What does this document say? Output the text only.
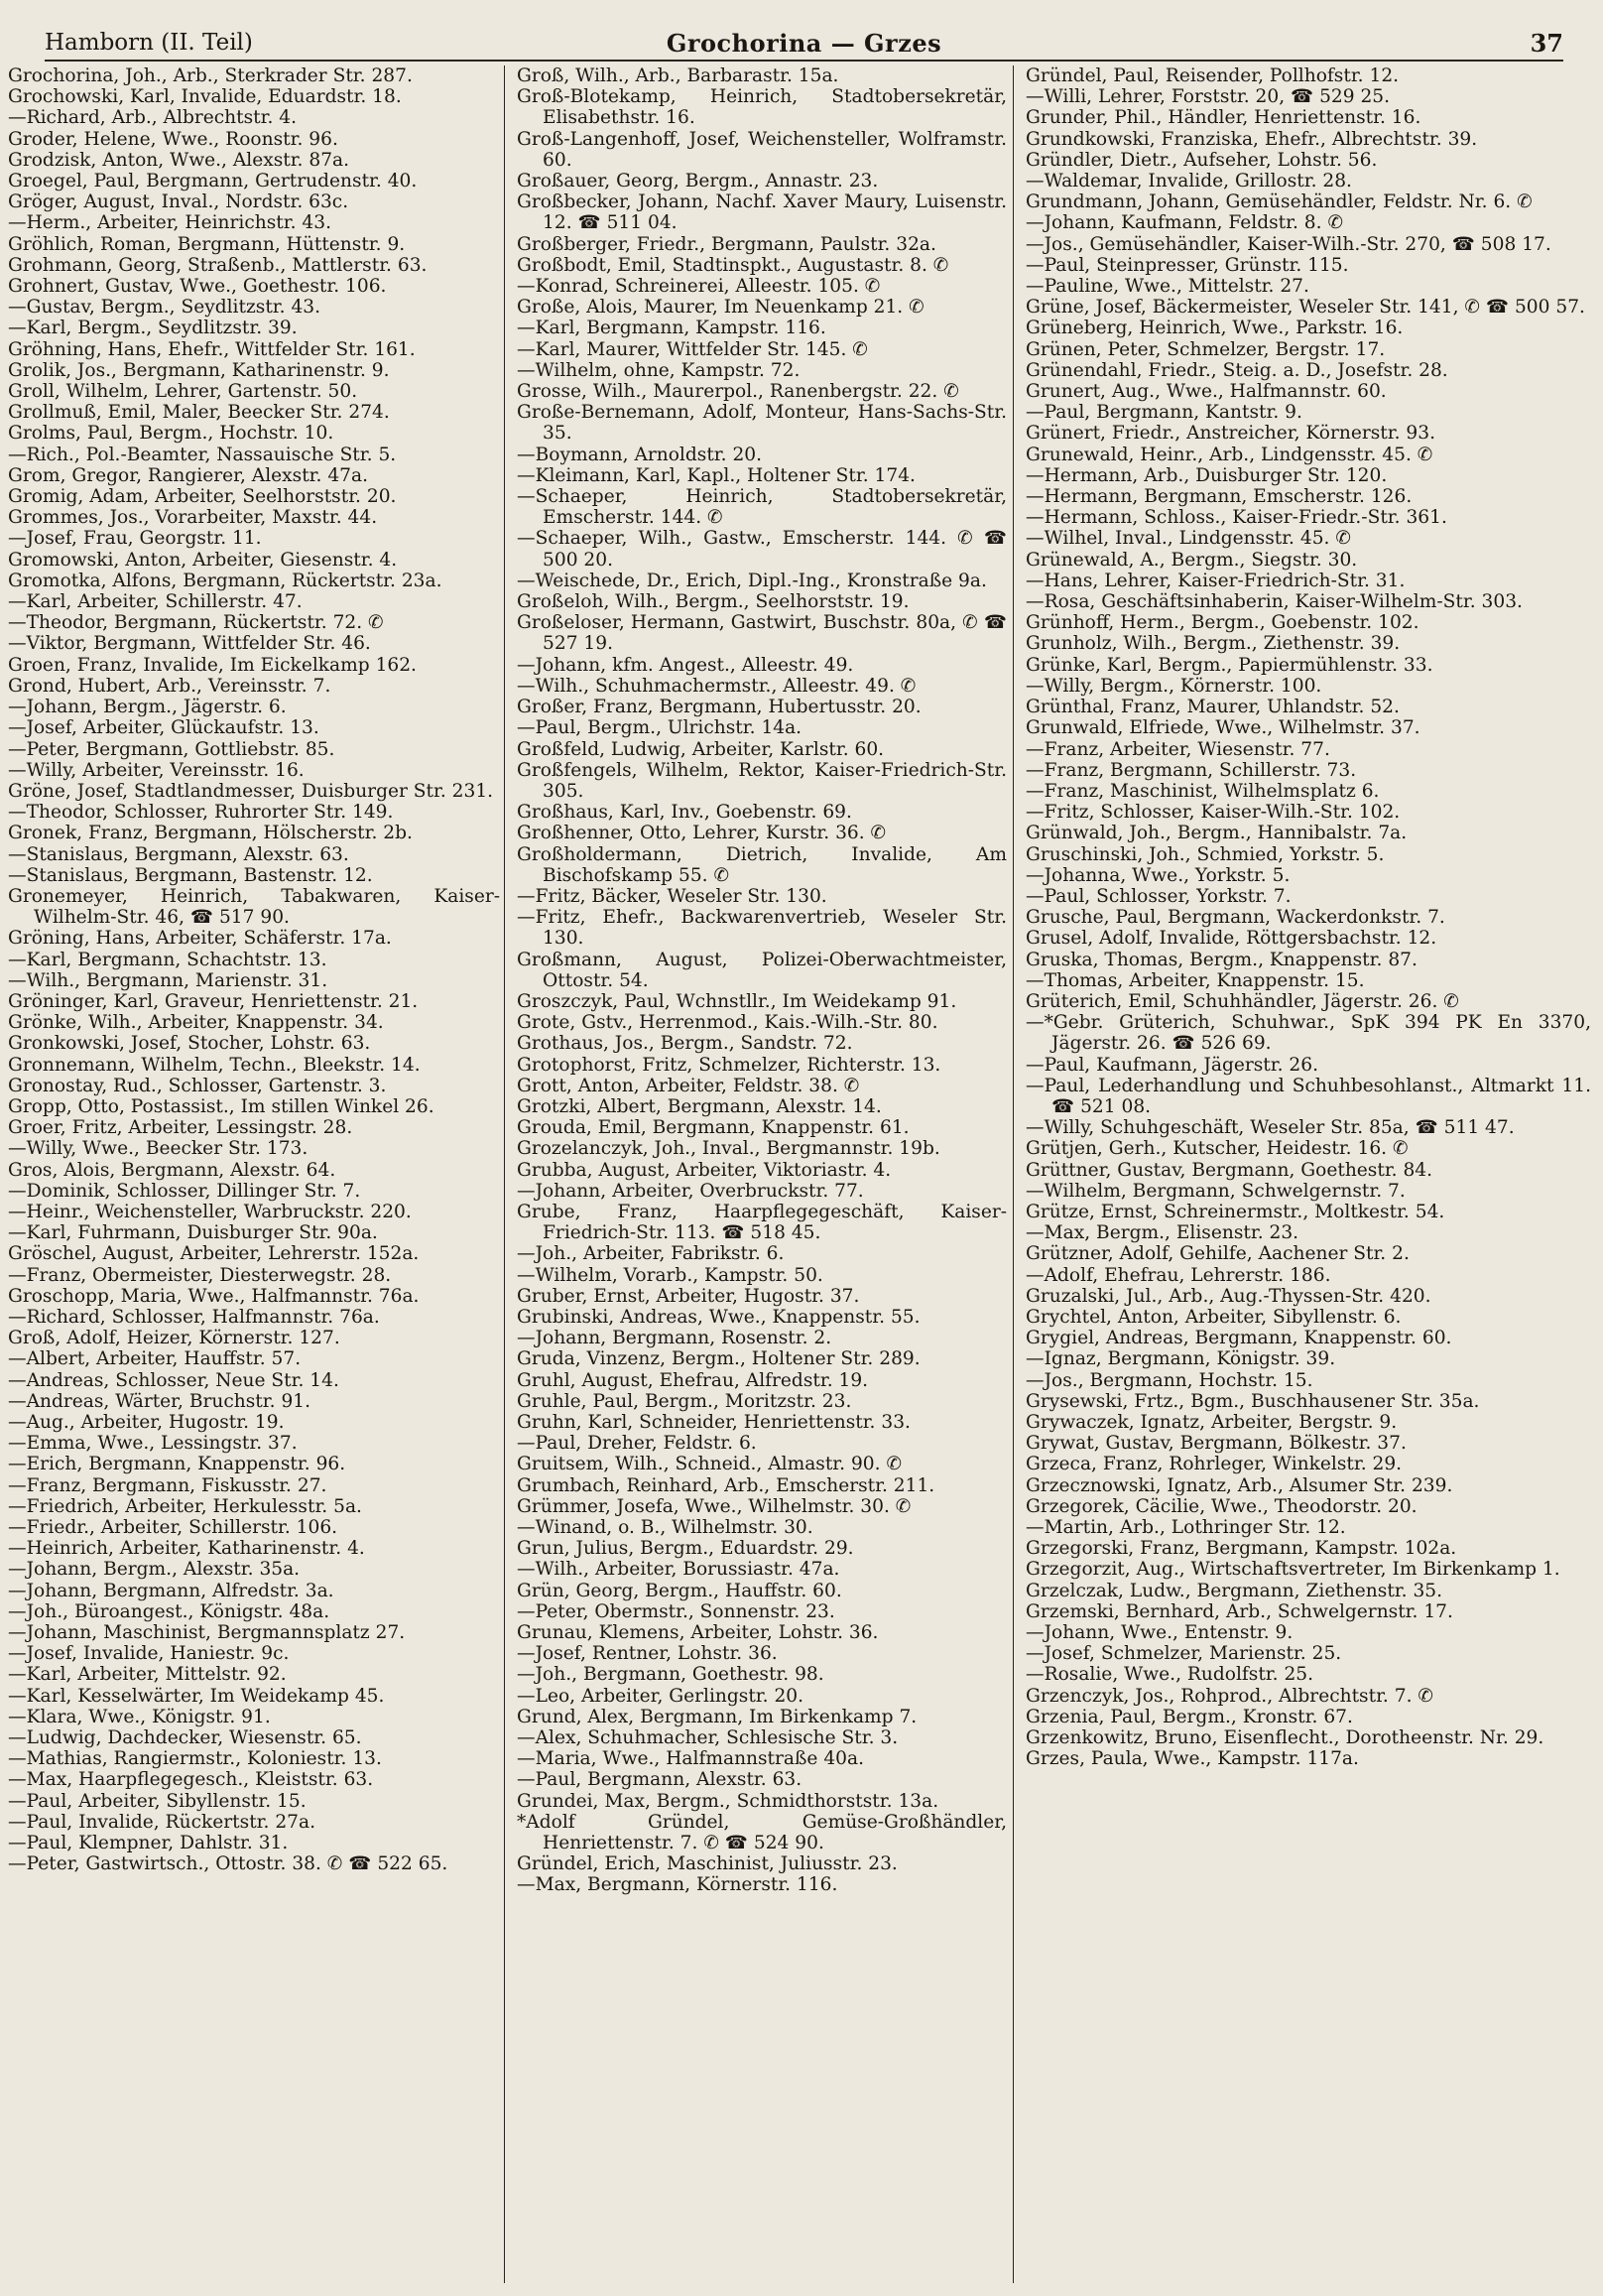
Hamborn (II. Teil)	Grochorina — Grzes	37

Grochorina, Joh., Arb., Sterkrader Str. 287.

Grochowski, Karl, Invalide, Eduardstr. 18.

—Richard, Arb., Albrechtstr. 4.

Groder, Helene, Wwe., Roonstr. 96.

Grodzisk, Anton, Wwe., Alexstr. 87a.

Groegel, Paul, Bergmann, Gertrudenstr. 40.

Gröger, August, Inval., Nordstr. 63c.

—Herm., Arbeiter, Heinrichstr. 43.

Gröhlich, Roman, Bergmann, Hüttenstr. 9.

Grohmann, Georg, Straßenb., Mattlerstr. 63.

Grohnert, Gustav, Wwe., Goethestr. 106.

—Gustav, Bergm., Seydlitzstr. 43.

—Karl, Bergm., Seydlitzstr. 39.

Gröhning, Hans, Ehefr., Wittfelder Str. 161.

Grolik, Jos., Bergmann, Katharinenstr. 9.

Groll, Wilhelm, Lehrer, Gartenstr. 50.

Grollmuß, Emil, Maler, Beecker Str. 274.

Grolms, Paul, Bergm., Hochstr. 10.

—Rich., Pol.-Beamter, Nassauische Str. 5.

Grom, Gregor, Rangierer, Alexstr. 47a.

Gromig, Adam, Arbeiter, Seelhorststr. 20.

Grommes, Jos., Vorarbeiter, Maxstr. 44.

—Josef, Frau, Georgstr. 11.

Gromowski, Anton, Arbeiter, Giesenstr. 4.

Gromotka, Alfons, Bergmann, Rückertstr. 23a.

—Karl, Arbeiter, Schillerstr. 47.

—Theodor, Bergmann, Rückertstr. 72. ✆

—Viktor, Bergmann, Wittfelder Str. 46.

Groen, Franz, Invalide, Im Eickelkamp 162.

Grond, Hubert, Arb., Vereinsstr. 7.

—Johann, Bergm., Jägerstr. 6.

—Josef, Arbeiter, Glückaufstr. 13.

—Peter, Bergmann, Gottliebstr. 85.

—Willy, Arbeiter, Vereinsstr. 16.

Gröne, Josef, Stadtlandmesser, Duisburger Str. 231.

—Theodor, Schlosser, Ruhrorter Str. 149.

Gronek, Franz, Bergmann, Hölscherstr. 2b.

—Stanislaus, Bergmann, Alexstr. 63.

—Stanislaus, Bergmann, Bastenstr. 12.

Gronemeyer, Heinrich, Tabakwaren, Kaiser-Wilhelm-Str. 46, ☎ 517 90.

Gröning, Hans, Arbeiter, Schäferstr. 17a.

—Karl, Bergmann, Schachtstr. 13.

—Wilh., Bergmann, Marienstr. 31.

Gröninger, Karl, Graveur, Henriettenstr. 21.

Grönke, Wilh., Arbeiter, Knappenstr. 34.

Gronkowski, Josef, Stocher, Lohstr. 63.

Gronnemann, Wilhelm, Techn., Bleekstr. 14.

Gronostay, Rud., Schlosser, Gartenstr. 3.

Gropp, Otto, Postassist., Im stillen Winkel 26.

Groer, Fritz, Arbeiter, Lessingstr. 28.

—Willy, Wwe., Beecker Str. 173.

Gros, Alois, Bergmann, Alexstr. 64.

—Dominik, Schlosser, Dillinger Str. 7.

—Heinr., Weichensteller, Warbruckstr. 220.

—Karl, Fuhrmann, Duisburger Str. 90a.

Gröschel, August, Arbeiter, Lehrerstr. 152a.

—Franz, Obermeister, Diesterwegstr. 28.

Groschopp, Maria, Wwe., Halfmannstr. 76a.

—Richard, Schlosser, Halfmannstr. 76a.

Groß, Adolf, Heizer, Körnerstr. 127.

—Albert, Arbeiter, Hauffstr. 57.

—Andreas, Schlosser, Neue Str. 14.

—Andreas, Wärter, Bruchstr. 91.

—Aug., Arbeiter, Hugostr. 19.

—Emma, Wwe., Lessingstr. 37.

—Erich, Bergmann, Knappenstr. 96.

—Franz, Bergmann, Fiskusstr. 27.

—Friedrich, Arbeiter, Herkulesstr. 5a.

—Friedr., Arbeiter, Schillerstr. 106.

—Heinrich, Arbeiter, Katharinenstr. 4.

—Johann, Bergm., Alexstr. 35a.

—Johann, Bergmann, Alfredstr. 3a.

—Joh., Büroangest., Königstr. 48a.

—Johann, Maschinist, Bergmannsplatz 27.

—Josef, Invalide, Haniestr. 9c.

—Karl, Arbeiter, Mittelstr. 92.

—Karl, Kesselwärter, Im Weidekamp 45.

—Klara, Wwe., Königstr. 91.

—Ludwig, Dachdecker, Wiesenstr. 65.

—Mathias, Rangiermstr., Koloniestr. 13.

—Max, Haarpflegegesch., Kleiststr. 63.

—Paul, Arbeiter, Sibyllenstr. 15.

—Paul, Invalide, Rückertstr. 27a.

—Paul, Klempner, Dahlstr. 31.

—Peter, Gastwirtsch., Ottostr. 38. ✆ ☎ 522 65.

Groß, Wilh., Arb., Barbarastr. 15a.

Groß-Blotekamp, Heinrich, Stadtobersekretär, Elisabethstr. 16.

Groß-Langenhoff, Josef, Weichensteller, Wolframstr. 60.

Großauer, Georg, Bergm., Annastr. 23.

Großbecker, Johann, Nachf. Xaver Maury, Luisenstr. 12. ☎ 511 04.

Großberger, Friedr., Bergmann, Paulstr. 32a.

Großbodt, Emil, Stadtinspkt., Augustastr. 8. ✆

—Konrad, Schreinerei, Alleestr. 105. ✆

Große, Alois, Maurer, Im Neuenkamp 21. ✆

—Karl, Bergmann, Kampstr. 116.

—Karl, Maurer, Wittfelder Str. 145. ✆

—Wilhelm, ohne, Kampstr. 72.

Grosse, Wilh., Maurerpol., Ranenbergstr. 22. ✆

Große-Bernemann, Adolf, Monteur, Hans-Sachs-Str. 35.

—Boymann, Arnoldstr. 20.

—Kleimann, Karl, Kapl., Holtener Str. 174.

—Schaeper, Heinrich, Stadtobersekretär, Emscherstr. 144. ✆

—Schaeper, Wilh., Gastw., Emscherstr. 144. ✆ ☎ 500 20.

—Weischede, Dr., Erich, Dipl.-Ing., Kronstraße 9a.

Großeloh, Wilh., Bergm., Seelhorststr. 19.

Großeloser, Hermann, Gastwirt, Buschstr. 80a, ✆ ☎ 527 19.

—Johann, kfm. Angest., Alleestr. 49.

—Wilh., Schuhmachermstr., Alleestr. 49. ✆

Großer, Franz, Bergmann, Hubertusstr. 20.

—Paul, Bergm., Ulrichstr. 14a.

Großfeld, Ludwig, Arbeiter, Karlstr. 60.

Großfengels, Wilhelm, Rektor, Kaiser-Friedrich-Str. 305.

Großhaus, Karl, Inv., Goebenstr. 69.

Großhenner, Otto, Lehrer, Kurstr. 36. ✆

Großholdermann, Dietrich, Invalide, Am Bischofskamp 55. ✆

—Fritz, Bäcker, Weseler Str. 130.

—Fritz, Ehefr., Backwarenvertrieb, Weseler Str. 130.

Großmann, August, Polizei-Oberwachtmeister, Ottostr. 54.

Groszczyk, Paul, Wchnstllr., Im Weidekamp 91.

Grote, Gstv., Herrenmod., Kais.-Wilh.-Str. 80.

Grothaus, Jos., Bergm., Sandstr. 72.

Grotophorst, Fritz, Schmelzer, Richterstr. 13.

Grott, Anton, Arbeiter, Feldstr. 38. ✆

Grotzki, Albert, Bergmann, Alexstr. 14.

Grouda, Emil, Bergmann, Knappenstr. 61.

Grozelanczyk, Joh., Inval., Bergmannstr. 19b.

Grubba, August, Arbeiter, Viktoriastr. 4.

—Johann, Arbeiter, Overbruckstr. 77.

Grube, Franz, Haarpflegegeschäft, Kaiser-Friedrich-Str. 113. ☎ 518 45.

—Joh., Arbeiter, Fabrikstr. 6.

—Wilhelm, Vorarb., Kampstr. 50.

Gruber, Ernst, Arbeiter, Hugostr. 37.

Grubinski, Andreas, Wwe., Knappenstr. 55.

—Johann, Bergmann, Rosenstr. 2.

Gruda, Vinzenz, Bergm., Holtener Str. 289.

Gruhl, August, Ehefrau, Alfredstr. 19.

Gruhle, Paul, Bergm., Moritzstr. 23.

Gruhn, Karl, Schneider, Henriettenstr. 33.

—Paul, Dreher, Feldstr. 6.

Gruitsem, Wilh., Schneid., Almastr. 90. ✆

Grumbach, Reinhard, Arb., Emscherstr. 211.

Grümmer, Josefa, Wwe., Wilhelmstr. 30. ✆

—Winand, o. B., Wilhelmstr. 30.

Grun, Julius, Bergm., Eduardstr. 29.

—Wilh., Arbeiter, Borussiastr. 47a.

Grün, Georg, Bergm., Hauffstr. 60.

—Peter, Obermstr., Sonnenstr. 23.

Grunau, Klemens, Arbeiter, Lohstr. 36.

—Josef, Rentner, Lohstr. 36.

—Joh., Bergmann, Goethestr. 98.

—Leo, Arbeiter, Gerlingstr. 20.

Grund, Alex, Bergmann, Im Birkenkamp 7.

—Alex, Schuhmacher, Schlesische Str. 3.

—Maria, Wwe., Halfmannstraße 40a.

—Paul, Bergmann, Alexstr. 63.

Grundei, Max, Bergm., Schmidthorststr. 13a.

*Adolf Gründel, Gemüse-Großhändler, Henriettenstr. 7. ✆ ☎ 524 90.

Gründel, Erich, Maschinist, Juliusstr. 23.

—Max, Bergmann, Körnerstr. 116.

Gründel, Paul, Reisender, Pollhofstr. 12.

—Willi, Lehrer, Forststr. 20, ☎ 529 25.

Grunder, Phil., Händler, Henriettenstr. 16.

Grundkowski, Franziska, Ehefr., Albrechtstr. 39.

Gründler, Dietr., Aufseher, Lohstr. 56.

—Waldemar, Invalide, Grillostr. 28.

Grundmann, Johann, Gemüsehändler, Feldstr. Nr. 6. ✆

—Johann, Kaufmann, Feldstr. 8. ✆

—Jos., Gemüsehändler, Kaiser-Wilh.-Str. 270, ☎ 508 17.

—Paul, Steinpresser, Grünstr. 115.

—Pauline, Wwe., Mittelstr. 27.

Grüne, Josef, Bäckermeister, Weseler Str. 141, ✆ ☎ 500 57.

Grüneberg, Heinrich, Wwe., Parkstr. 16.

Grünen, Peter, Schmelzer, Bergstr. 17.

Grünendahl, Friedr., Steig. a. D., Josefstr. 28.

Grunert, Aug., Wwe., Halfmannstr. 60.

—Paul, Bergmann, Kantstr. 9.

Grünert, Friedr., Anstreicher, Körnerstr. 93.

Grunewald, Heinr., Arb., Lindgensstr. 45. ✆

—Hermann, Arb., Duisburger Str. 120.

—Hermann, Bergmann, Emscherstr. 126.

—Hermann, Schloss., Kaiser-Friedr.-Str. 361.

—Wilhel, Inval., Lindgensstr. 45. ✆

Grünewald, A., Bergm., Siegstr. 30.

—Hans, Lehrer, Kaiser-Friedrich-Str. 31.

—Rosa, Geschäftsinhaberin, Kaiser-Wilhelm-Str. 303.

Grünhoff, Herm., Bergm., Goebenstr. 102.

Grunholz, Wilh., Bergm., Ziethenstr. 39.

Grünke, Karl, Bergm., Papiermühlenstr. 33.

—Willy, Bergm., Körnerstr. 100.

Grünthal, Franz, Maurer, Uhlandstr. 52.

Grunwald, Elfriede, Wwe., Wilhelmstr. 37.

—Franz, Arbeiter, Wiesenstr. 77.

—Franz, Bergmann, Schillerstr. 73.

—Franz, Maschinist, Wilhelmsplatz 6.

—Fritz, Schlosser, Kaiser-Wilh.-Str. 102.

Grünwald, Joh., Bergm., Hannibalstr. 7a.

Gruschinski, Joh., Schmied, Yorkstr. 5.

—Johanna, Wwe., Yorkstr. 5.

—Paul, Schlosser, Yorkstr. 7.

Grusche, Paul, Bergmann, Wackerdonkstr. 7.

Grusel, Adolf, Invalide, Röttgersbachstr. 12.

Gruska, Thomas, Bergm., Knappenstr. 87.

—Thomas, Arbeiter, Knappenstr. 15.

Grüterich, Emil, Schuhhändler, Jägerstr. 26. ✆

—*Gebr. Grüterich, Schuhwar., SpK 394 PK En 3370, Jägerstr. 26. ☎ 526 69.

—Paul, Kaufmann, Jägerstr. 26.

—Paul, Lederhandlung und Schuhbesohlanst., Altmarkt 11. ☎ 521 08.

—Willy, Schuhgeschäft, Weseler Str. 85a, ☎ 511 47.

Grütjen, Gerh., Kutscher, Heidestr. 16. ✆

Grüttner, Gustav, Bergmann, Goethestr. 84.

—Wilhelm, Bergmann, Schwelgernstr. 7.

Grütze, Ernst, Schreinermstr., Moltkestr. 54.

—Max, Bergm., Elisenstr. 23.

Grützner, Adolf, Gehilfe, Aachener Str. 2.

—Adolf, Ehefrau, Lehrerstr. 186.

Gruzalski, Jul., Arb., Aug.-Thyssen-Str. 420.

Grychtel, Anton, Arbeiter, Sibyllenstr. 6.

Grygiel, Andreas, Bergmann, Knappenstr. 60.

—Ignaz, Bergmann, Königstr. 39.

—Jos., Bergmann, Hochstr. 15.

Grysewski, Frtz., Bgm., Buschhausener Str. 35a.

Grywaczek, Ignatz, Arbeiter, Bergstr. 9.

Grywat, Gustav, Bergmann, Bölkestr. 37.

Grzeca, Franz, Rohrleger, Winkelstr. 29.

Grzecznowski, Ignatz, Arb., Alsumer Str. 239.

Grzegorek, Cäcilie, Wwe., Theodorstr. 20.

—Martin, Arb., Lothringer Str. 12.

Grzegorski, Franz, Bergmann, Kampstr. 102a.

Grzegorzit, Aug., Wirtschaftsvertreter, Im Birkenkamp 1.

Grzelczak, Ludw., Bergmann, Ziethenstr. 35.

Grzemski, Bernhard, Arb., Schwelgernstr. 17.

—Johann, Wwe., Entenstr. 9.

—Josef, Schmelzer, Marienstr. 25.

—Rosalie, Wwe., Rudolfstr. 25.

Grzenczyk, Jos., Rohprod., Albrechtstr. 7. ✆

Grzenia, Paul, Bergm., Kronstr. 67.

Grzenkowitz, Bruno, Eisenflecht., Dorotheenstr. Nr. 29.

Grzes, Paula, Wwe., Kampstr. 117a.
